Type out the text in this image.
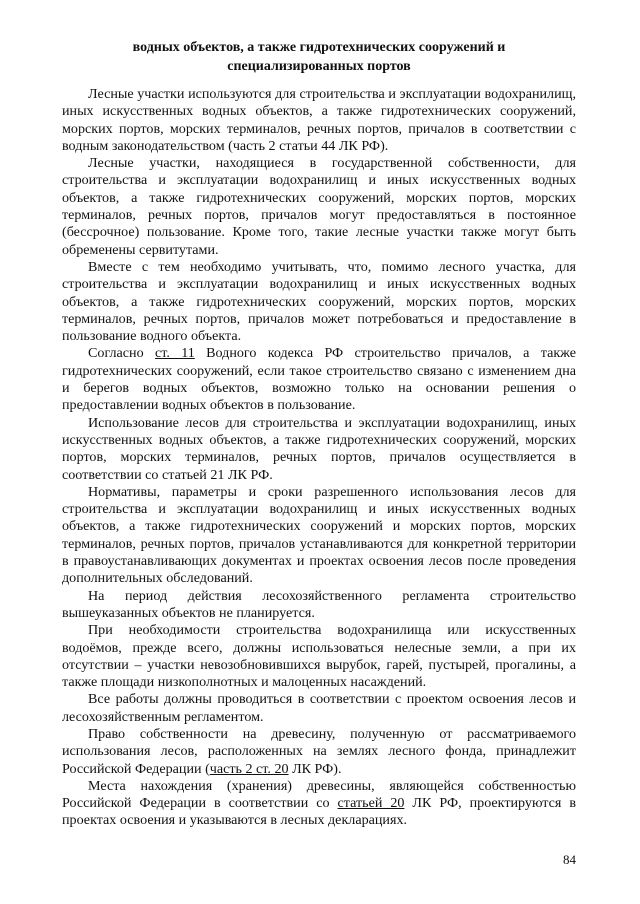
водных объектов, а также гидротехнических сооружений и
специализированных портов

Лесные участки используются для строительства и эксплуатации водохранилищ, иных искусственных водных объектов, а также гидротехнических сооружений, морских портов, морских терминалов, речных портов, причалов в соответствии с водным законодательством (часть 2 статьи 44 ЛК РФ).

Лесные участки, находящиеся в государственной собственности, для строительства и эксплуатации водохранилищ и иных искусственных водных объектов, а также гидротехнических сооружений, морских портов, морских терминалов, речных портов, причалов могут предоставляться в постоянное (бессрочное) пользование. Кроме того, такие лесные участки также могут быть обременены сервитутами.

Вместе с тем необходимо учитывать, что, помимо лесного участка, для строительства и эксплуатации водохранилищ и иных искусственных водных объектов, а также гидротехнических сооружений, морских портов, морских терминалов, речных портов, причалов может потребоваться и предоставление в пользование водного объекта.

Согласно ст. 11 Водного кодекса РФ строительство причалов, а также гидротехнических сооружений, если такое строительство связано с изменением дна и берегов водных объектов, возможно только на основании решения о предоставлении водных объектов в пользование.

Использование лесов для строительства и эксплуатации водохранилищ, иных искусственных водных объектов, а также гидротехнических сооружений, морских портов, морских терминалов, речных портов, причалов осуществляется в соответствии со статьей 21 ЛК РФ.

Нормативы, параметры и сроки разрешенного использования лесов для строительства и эксплуатации водохранилищ и иных искусственных водных объектов, а также гидротехнических сооружений и морских портов, морских терминалов, речных портов, причалов устанавливаются для конкретной территории в правоустанавливающих документах и проектах освоения лесов после проведения дополнительных обследований.

На период действия лесохозяйственного регламента строительство вышеуказанных объектов не планируется.

При необходимости строительства водохранилища или искусственных водоёмов, прежде всего, должны использоваться нелесные земли, а при их отсутствии – участки невозобновившихся вырубок, гарей, пустырей, прогалины, а также площади низкополнотных и малоценных насаждений.

Все работы должны проводиться в соответствии с проектом освоения лесов и лесохозяйственным регламентом.

Право собственности на древесину, полученную от рассматриваемого использования лесов, расположенных на землях лесного фонда, принадлежит Российской Федерации (часть 2 ст. 20 ЛК РФ).

Места нахождения (хранения) древесины, являющейся собственностью Российской Федерации в соответствии со статьей 20 ЛК РФ, проектируются в проектах освоения и указываются в лесных декларациях.

84
